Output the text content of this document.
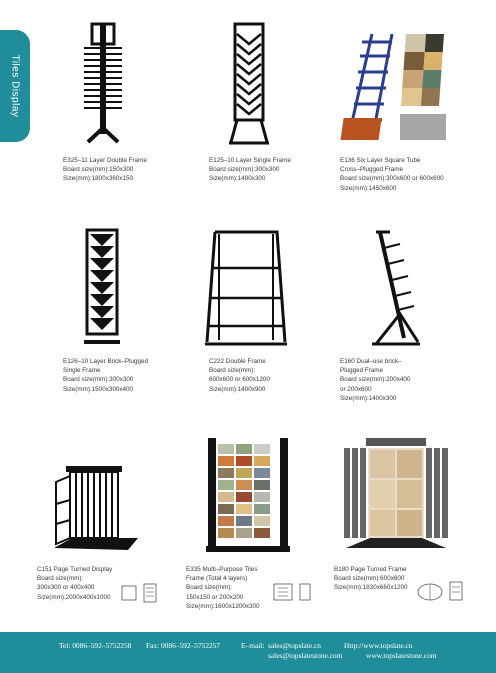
Tiles Display
E325–11 Layer Double Frame
Board size(mm):150x300
Size(mm):1800x360x150
E125–10 Layer Single Frame
Board size(mm):300x300
Size(mm):1480x300
E136 Six Layer Square Tube
Cross–Plugged Frame
Board size(mm):300x600 or 600x600
Size(mm):1450x600
E126–10 Layer Brick–Plugged
Single Frame
Board size(mm):300x300
Size(mm):1500x300x400
C222 Double Frame
Board size(mm):
600x600 or 600x1200
Size(mm):1400x900
E160 Dual–use brick–
Plugged Frame
Board size(mm):200x400
or 200x600
Size(mm):1400x300
C151 Page Turned Display
Board size(mm):
300x300 or 400x400
Size(mm):2000x400x1000
E335 Multi–Purpose Tiles
Frame (Total 4 layers)
Board size(mm):
150x150 or 200x200
Size(mm):1600x1200x300
B180 Page Turned Frame
Board size(mm):600x600
Size(mm):1830x660x1200
Tel: 0086–592–5752258 Fax: 0086–592–5752257	E–mail: sales@topslate.cn
sales@topslatestone.com
Http://www.topslate.cn
www.topslatestone.com
